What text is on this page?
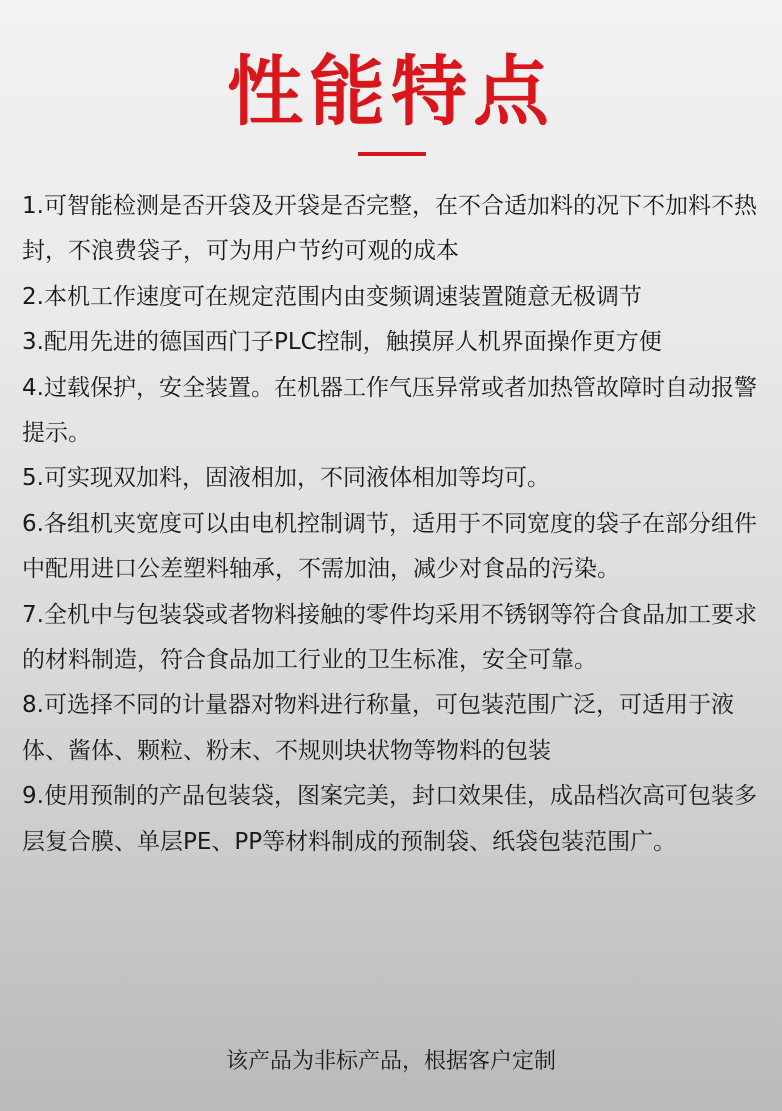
性能特点
1.可智能检测是否开袋及开袋是否完整，在不合适加料的况下不加料不热封，不浪费袋子，可为用户节约可观的成本
2.本机工作速度可在规定范围内由变频调速装置随意无极调节
3.配用先进的德国西门子PLC控制，触摸屏人机界面操作更方便
4.过载保护，安全装置。在机器工作气压异常或者加热管故障时自动报警提示。
5.可实现双加料，固液相加，不同液体相加等均可。
6.各组机夹宽度可以由电机控制调节，适用于不同宽度的袋子在部分组件中配用进口公差塑料轴承，不需加油，减少对食品的污染。
7.全机中与包装袋或者物料接触的零件均采用不锈钢等符合食品加工要求的材料制造，符合食品加工行业的卫生标准，安全可靠。
8.可选择不同的计量器对物料进行称量，可包装范围广泛，可适用于液体、酱体、颗粒、粉末、不规则块状物等物料的包装
9.使用预制的产品包装袋，图案完美，封口效果佳，成品档次高可包装多层复合膜、单层PE、PP等材料制成的预制袋、纸袋包装范围广。
该产品为非标产品，根据客户定制
